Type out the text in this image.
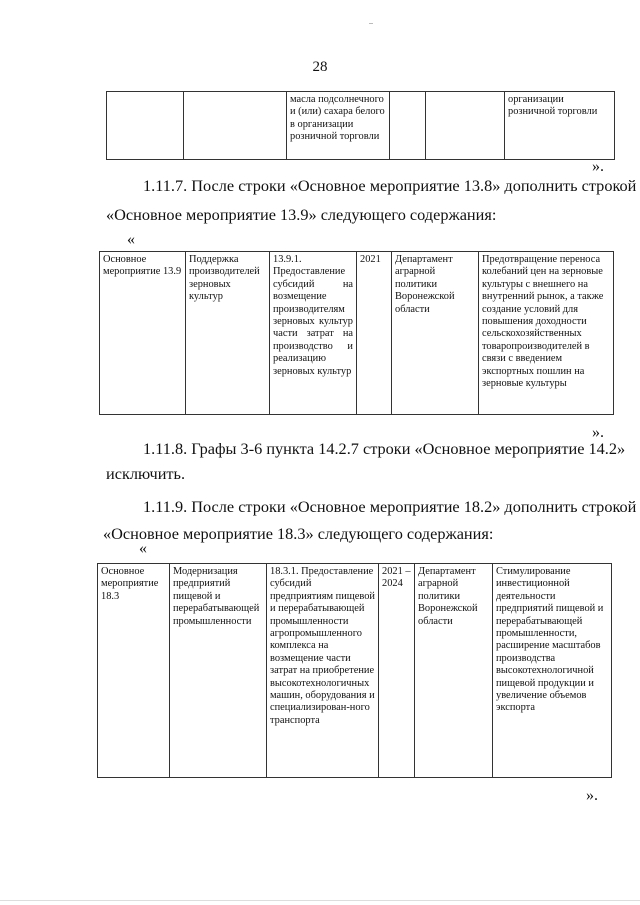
28
		масла подсолнечного и (или) сахара белого в организации розничной торговли			организации розничной торговли
».
1.11.7. После строки «Основное мероприятие 13.8» дополнить строкой
«Основное мероприятие 13.9» следующего содержания:
«
Основное мероприятие 13.9	Поддержка производителей зерновых культур	13.9.1. Предоставление субсидий на возмещение производителям зерновых культур части затрат на производство и реализацию зерновых культур	2021	Департамент аграрной политики Воронежской области	Предотвращение переноса колебаний цен на зерновые культуры с внешнего на внутренний рынок, а также создание условий для повышения доходности сельскохозяйственных товаропроизводителей в связи с введением экспортных пошлин на зерновые культуры
».
1.11.8. Графы 3-6 пункта 14.2.7 строки «Основное мероприятие 14.2»
исключить.
1.11.9. После строки «Основное мероприятие 18.2» дополнить строкой
«Основное мероприятие 18.3» следующего содержания:
«
Основное мероприятие 18.3	Модернизация предприятий пищевой и перерабатывающей промышленности	18.3.1. Предоставление субсидий предприятиям пищевой и перерабатывающей промышленности агропромышленного комплекса на возмещение части затрат на приобретение высокотехнологичных машин, оборудования и специализирован-ного транспорта	2021 – 2024	Департамент аграрной политики Воронежской области	Стимулирование инвестиционной деятельности предприятий пищевой и перерабатывающей промышленности, расширение масштабов производства высокотехнологичной пищевой продукции и увеличение объемов экспорта
».
